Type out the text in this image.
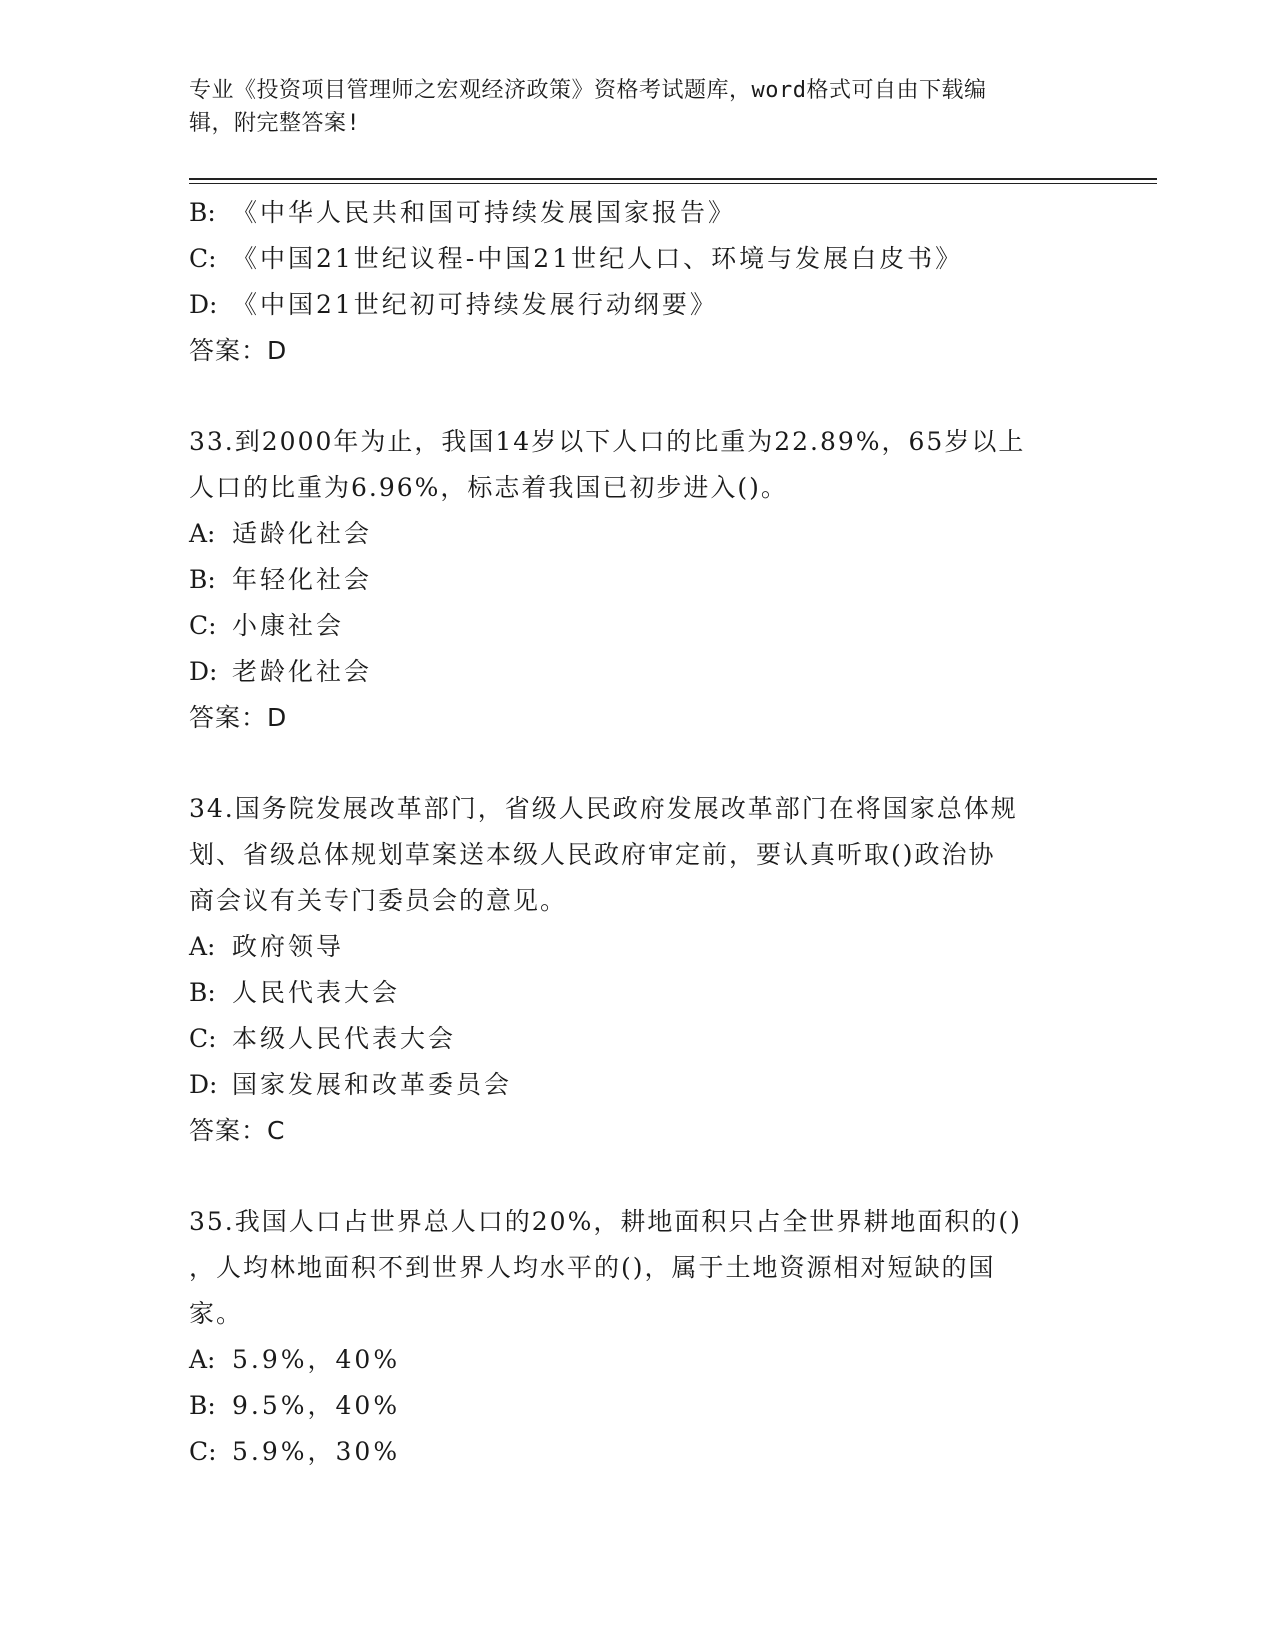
专业《投资项目管理师之宏观经济政策》资格考试题库，word格式可自由下载编
辑，附完整答案!
B: 《中华人民共和国可持续发展国家报告》
C: 《中国21世纪议程-中国21世纪人口、环境与发展白皮书》
D: 《中国21世纪初可持续发展行动纲要》
答案：D
33.到2000年为止，我国14岁以下人口的比重为22.89%，65岁以上
人口的比重为6.96%，标志着我国已初步进入()。
A: 适龄化社会
B: 年轻化社会
C: 小康社会
D: 老龄化社会
答案：D
34.国务院发展改革部门，省级人民政府发展改革部门在将国家总体规
划、省级总体规划草案送本级人民政府审定前，要认真听取()政治协
商会议有关专门委员会的意见。
A: 政府领导
B: 人民代表大会
C: 本级人民代表大会
D: 国家发展和改革委员会
答案：C
35.我国人口占世界总人口的20%，耕地面积只占全世界耕地面积的()
，人均林地面积不到世界人均水平的()，属于土地资源相对短缺的国
家。
A: 5.9%，40%
B: 9.5%，40%
C: 5.9%，30%
